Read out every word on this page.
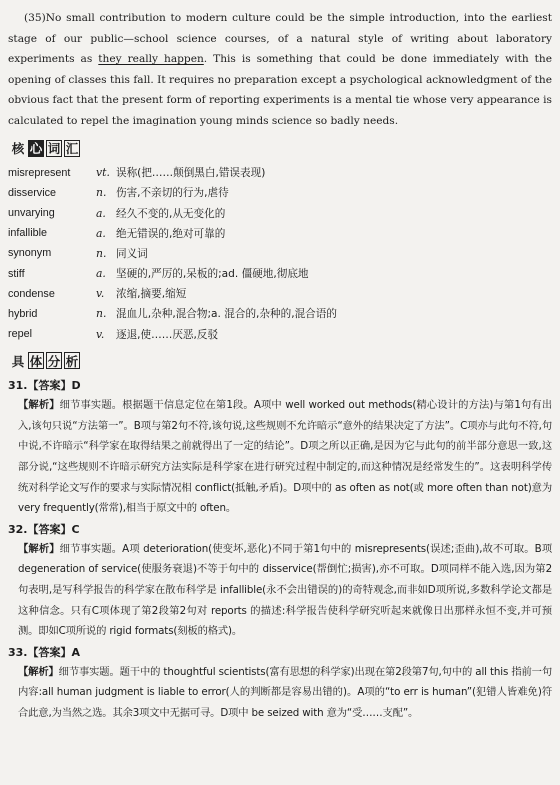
(35)No small contribution to modern culture could be the simple introduction, into the earliest stage of our public—school science courses, of a natural style of writing about laboratory experiments as they really happen. This is something that could be done immediately with the opening of classes this fall. It requires no preparation except a psychological acknowledgment of the obvious fact that the present form of reporting experiments is a mental tie whose very appearance is calculated to repel the imagination young minds science so badly needs.

核 心 词 汇
misrepresent	vt. 误称(把……颠倒黑白,错误表现)
disservice	n. 伤害,不亲切的行为,虐待
unvarying	a. 经久不变的,从无变化的
infallible	a. 绝无错误的,绝对可靠的
synonym	n. 同义词
stiff	a. 坚硬的,严厉的,呆板的;ad. 僵硬地,彻底地
condense	v.	浓缩,摘要,缩短
hybrid	n. 混血儿,杂种,混合物;a. 混合的,杂种的,混合语的
repel	v.	逐退,使……厌恶,反驳
具 体 分 析
31.【答案】D

【解析】细节事实题。根据题干信息定位在第1段。A项中 well worked out methods(精心设计的方法)与第1句有出入,该句只说“方法第一”。B项与第2句不符,该句说,这些规则不允许暗示“意外的结果决定了方法”。C项亦与此句不符,句中说,不许暗示“科学家在取得结果之前就得出了一定的结论”。D项之所以正确,是因为它与此句的前半部分意思一致,这部分说,“这些规则不许暗示研究方法实际是科学家在进行研究过程中制定的,而这种情况是经常发生的”。这表明科学传统对科学论文写作的要求与实际情况相 conflict(抵触,矛盾)。D项中的 as often as not(或 more often than not)意为 very frequently(常常),相当于原文中的 often。

32.【答案】C

【解析】细节事实题。A项 deterioration(使变坏,恶化)不同于第1句中的 misrepresents(误述;歪曲),故不可取。B项 degeneration of service(使服务衰退)不等于句中的 disservice(帮倒忙;损害),亦不可取。D项同样不能入选,因为第2句表明,是写科学报告的科学家在散布科学是 infallible(永不会出错误的)的奇特观念,而非如D项所说,多数科学论文都是这种信念。只有C项体现了第2段第2句对 reports 的描述:科学报告使科学研究听起来就像日出那样永恒不变,并可预测。即如C项所说的 rigid formats(刻板的格式)。

33.【答案】A

【解析】细节事实题。题干中的 thoughtful scientists(富有思想的科学家)出现在第2段第7句,句中的 all this 指前一句内容:all human judgment is liable to error(人的判断都是容易出错的)。A项的“to err is human”(犯错人皆难免)符合此意,为当然之选。其余3项文中无据可寻。D项中 be seized with 意为“受……支配”。
